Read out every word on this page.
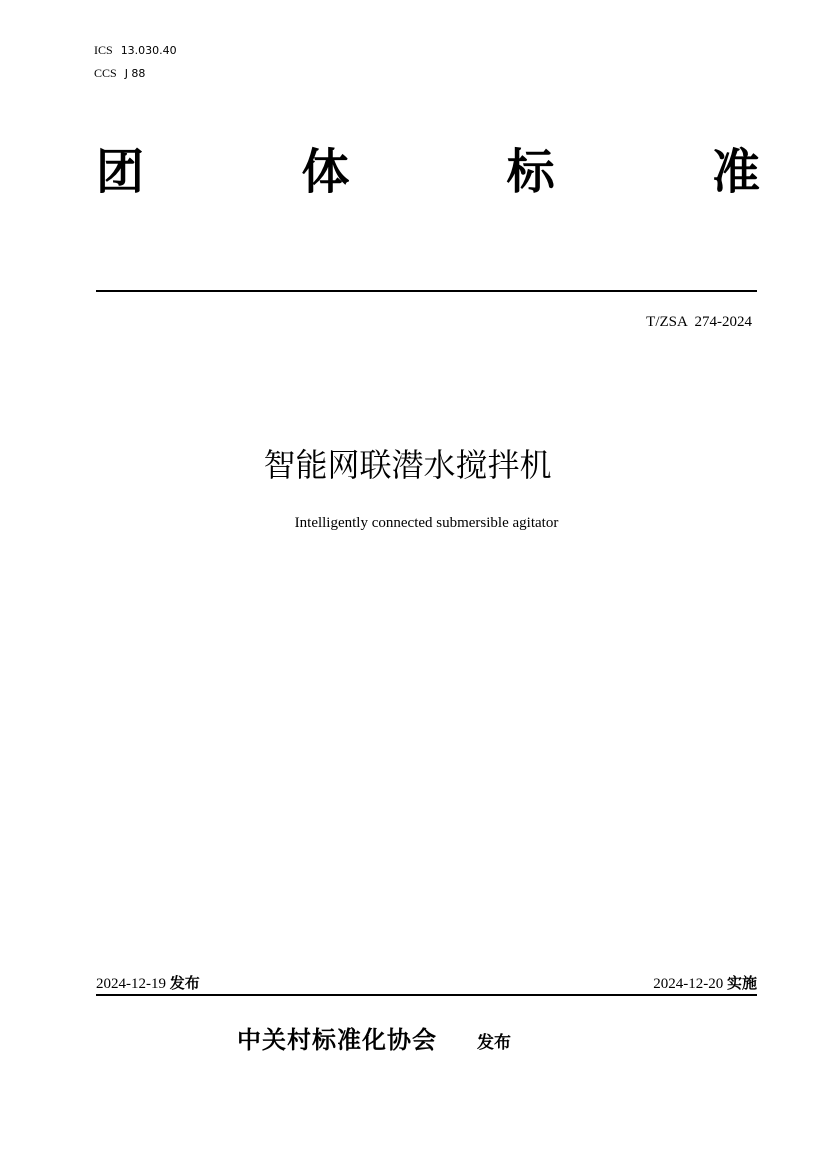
ICS 13.030.40
CCS J 88
团	体	标	准
T/ZSA  274-2024
智能网联潜水搅拌机
Intelligently connected submersible agitator
2024-12-19 发布	2024-12-20 实施
中关村标准化协会 发布
